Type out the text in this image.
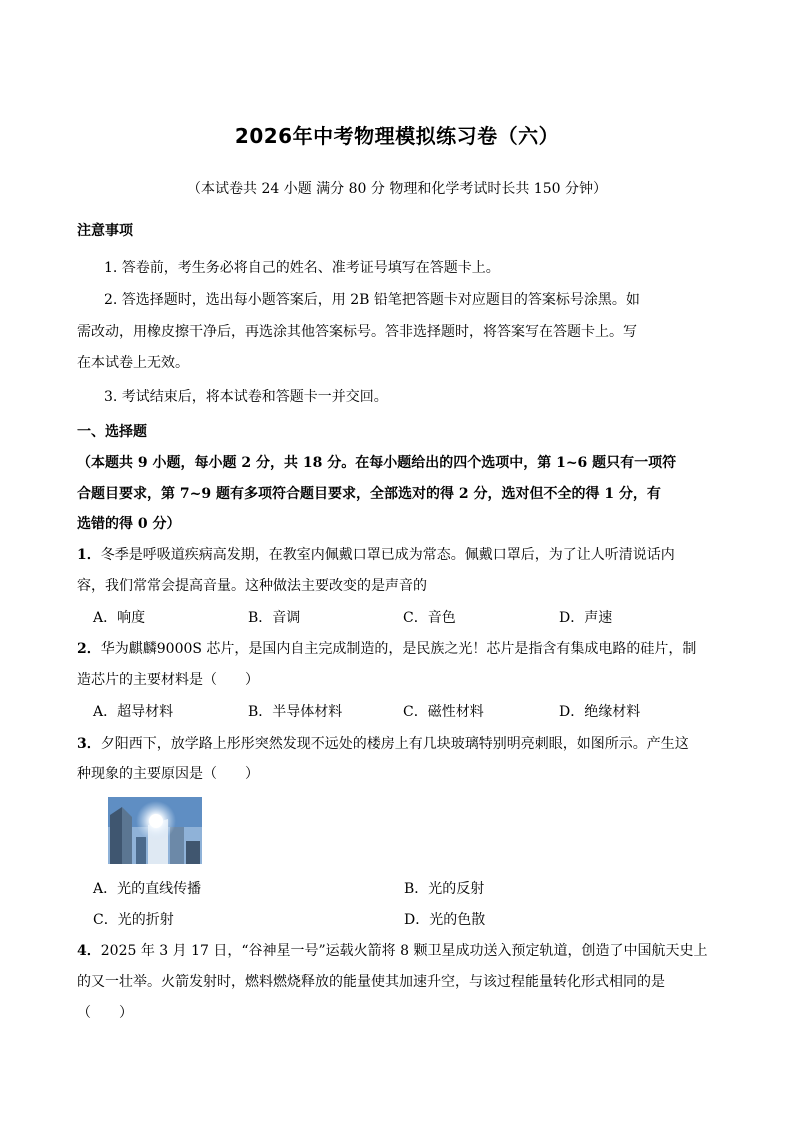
2026年中考物理模拟练习卷（六）
（本试卷共 24 小题 满分 80 分 物理和化学考试时长共 150 分钟）
注意事项
1. 答卷前，考生务必将自己的姓名、准考证号填写在答题卡上。
2. 答选择题时，选出每小题答案后，用 2B 铅笔把答题卡对应题目的答案标号涂黑。如
需改动，用橡皮擦干净后，再选涂其他答案标号。答非选择题时，将答案写在答题卡上。写
在本试卷上无效。
3. 考试结束后，将本试卷和答题卡一并交回。
一、选择题
（本题共 9 小题，每小题 2 分，共 18 分。在每小题给出的四个选项中，第 1~6 题只有一项符
合题目要求，第 7~9 题有多项符合题目要求，全部选对的得 2 分，选对但不全的得 1 分，有
选错的得 0 分）
1．冬季是呼吸道疾病高发期，在教室内佩戴口罩已成为常态。佩戴口罩后，为了让人听清说话内
容，我们常常会提高音量。这种做法主要改变的是声音的
A．响度	B．音调	C．音色	D．声速
2．华为麒麟9000S 芯片，是国内自主完成制造的，是民族之光！芯片是指含有集成电路的硅片，制
造芯片的主要材料是（　　）
A．超导材料	B．半导体材料	C．磁性材料	D．绝缘材料
3．夕阳西下，放学路上彤彤突然发现不远处的楼房上有几块玻璃特别明亮刺眼，如图所示。产生这
种现象的主要原因是（　　）
A．光的直线传播	B．光的反射
C．光的折射	D．光的色散
4．2025 年 3 月 17 日，“谷神星一号”运载火箭将 8 颗卫星成功送入预定轨道，创造了中国航天史上
的又一壮举。火箭发射时，燃料燃烧释放的能量使其加速升空，与该过程能量转化形式相同的是
（　　）
